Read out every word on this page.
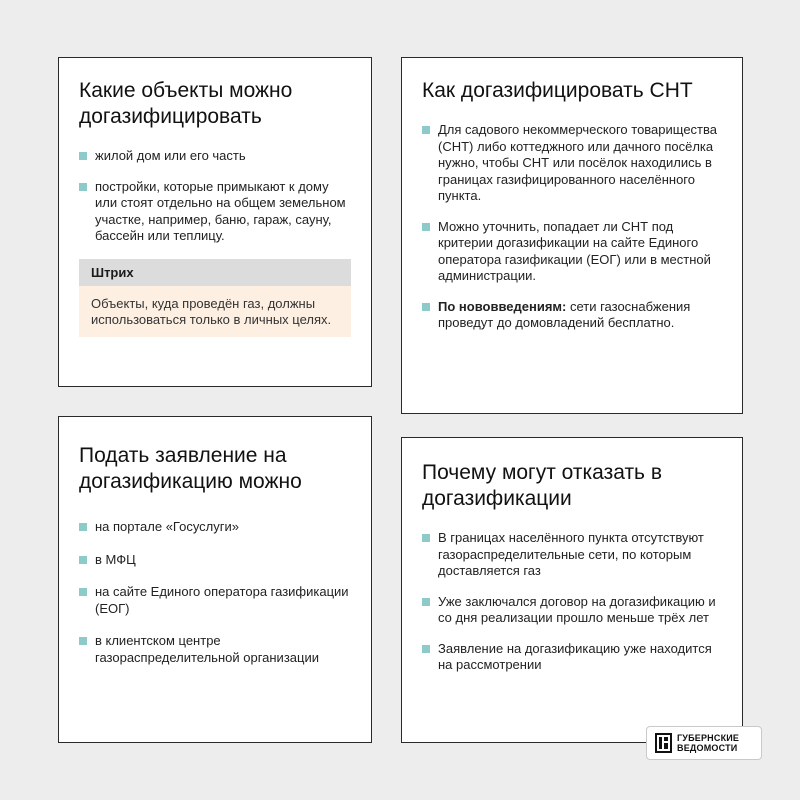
Какие объекты можно догазифицировать
жилой дом или его часть
постройки, которые примыкают к дому или стоят отдельно на общем земельном участке, например, баню, гараж, сауну, бассейн или теплицу.
Штрих
Объекты, куда проведён газ, должны использоваться только в личных целях.
Как догазифицировать СНТ
Для садового некоммерческого товарищества (СНТ) либо коттеджного или дачного посёлка нужно, чтобы СНТ или посёлок находились в границах газифицированного населённого пункта.
Можно уточнить, попадает ли СНТ под критерии догазификации на сайте Единого оператора газификации (ЕОГ) или в местной администрации.
По нововведениям: сети газоснабжения проведут до домовладений бесплатно.
Подать заявление на догазификацию можно
на портале «Госуслуги»
в МФЦ
на сайте Единого оператора газификации (ЕОГ)
в клиентском центре газораспределительной организации
Почему могут отказать в догазификации
В границах населённого пункта отсутствуют газораспределительные сети, по которым доставляется газ
Уже заключался договор на догазификацию и со дня реализации прошло меньше трёх лет
Заявление на догазификацию уже находится на рассмотрении
ГУБЕРНСКИЕ
ВЕДОМОСТИ
